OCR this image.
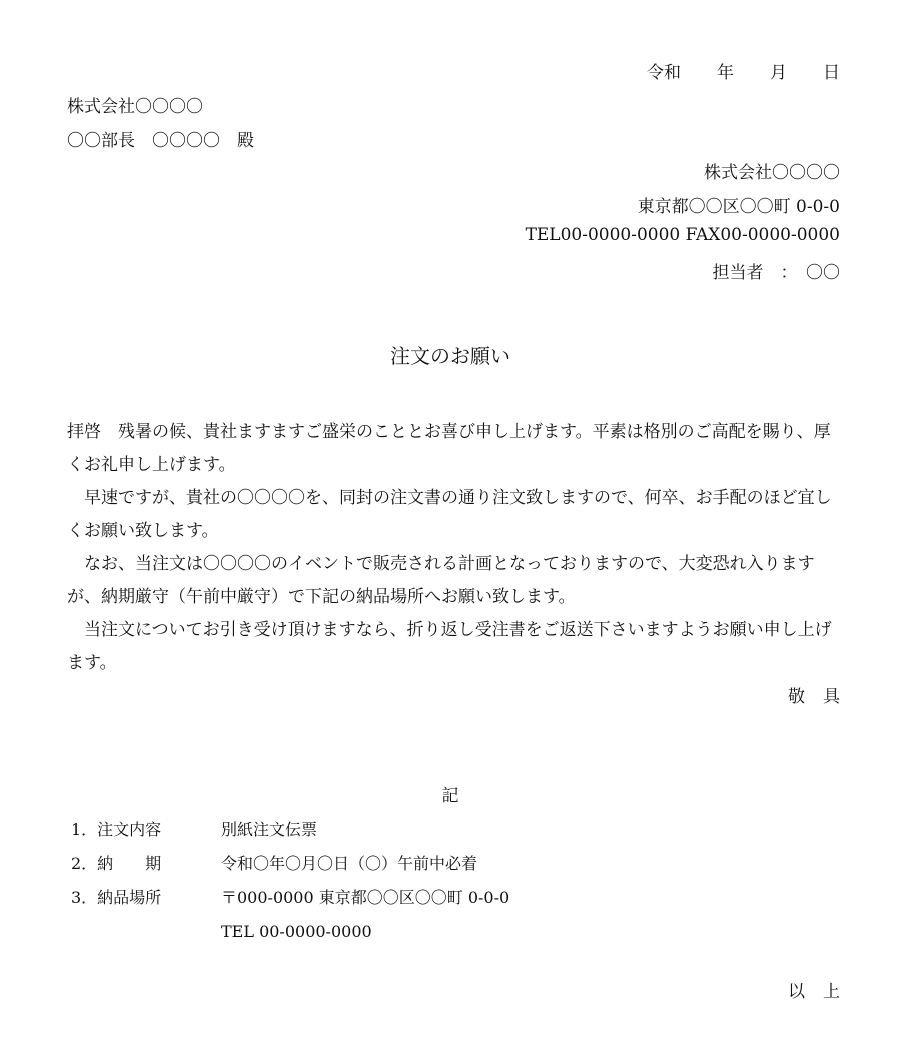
令和 年 月 日
株式会社〇〇〇〇
〇〇部長　〇〇〇〇　殿
株式会社〇〇〇〇
東京都〇〇区〇〇町 0-0-0
TEL00-0000-0000 FAX00-0000-0000
担当者　：　〇〇
注文のお願い

拝啓　残暑の候、貴社ますますご盛栄のこととお喜び申し上げます。平素は格別のご高配を賜り、厚くお礼申し上げます。

早速ですが、貴社の〇〇〇〇を、同封の注文書の通り注文致しますので、何卒、お手配のほど宜しくお願い致します。

なお、当注文は〇〇〇〇のイベントで販売される計画となっておりますので、大変恐れ入りますが、納期厳守（午前中厳守）で下記の納品場所へお願い致します。

当注文についてお引き受け頂けますなら、折り返し受注書をご返送下さいますようお願い申し上げます。

敬具
記
1．注文内容	別紙注文伝票
2．納　　期	令和〇年〇月〇日（〇）午前中必着
3．納品場所	〒000-0000 東京都〇〇区〇〇町 0-0-0
TEL 00-0000-0000
以上
